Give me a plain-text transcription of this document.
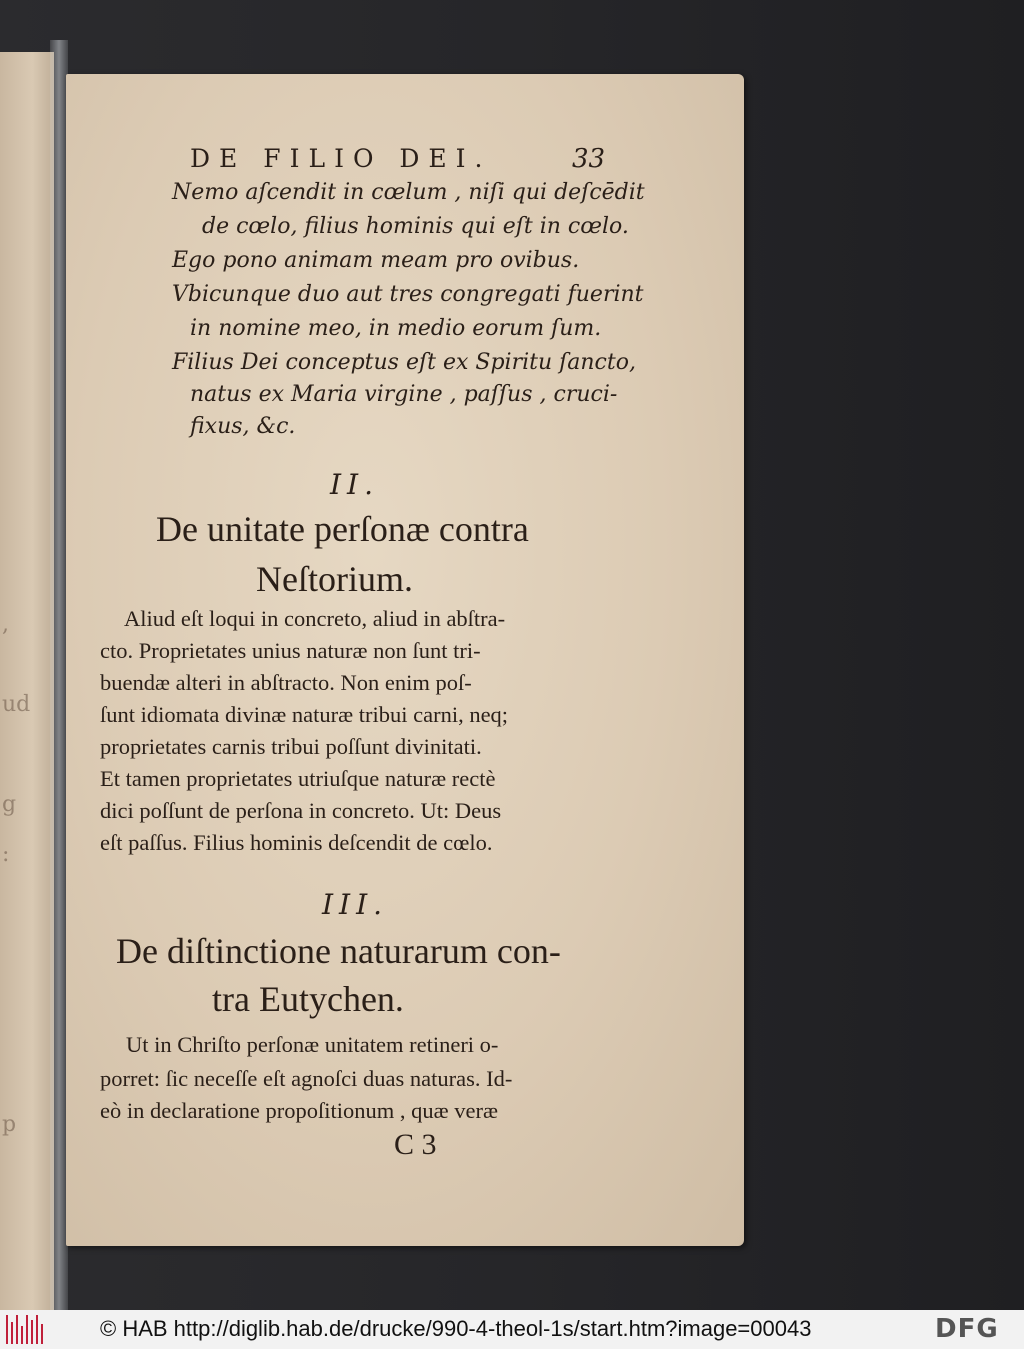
,
ud
g
:
p
DE FILIO DEI.	33
Nemo aſcendit in cœlum , niſi qui deſcēdit
de cœlo, filius hominis qui eſt in cœlo.
Ego pono animam meam pro ovibus.
Vbicunque duo aut tres congregati fuerint
in nomine meo, in medio eorum ſum.
Filius Dei conceptus eſt ex Spiritu ſancto,
natus ex Maria virgine , paſſus , cruci-
fixus, &c.
II.
De unitate perſonæ contra
Neſtorium.
Aliud eſt loqui in concreto, aliud in abſtra-
cto. Proprietates unius naturæ non ſunt tri-
buendæ alteri in abſtracto. Non enim poſ-
ſunt idiomata divinæ naturæ tribui carni, neq;
proprietates carnis tribui poſſunt divinitati.
Et tamen proprietates utriuſque naturæ rectè
dici poſſunt de perſona in concreto. Ut: Deus
eſt paſſus. Filius hominis deſcendit de cœlo.
III.
De diſtinctione naturarum con-
tra Eutychen.
Ut in Chriſto perſonæ unitatem retineri o-
porret: ſic neceſſe eſt agnoſci duas naturas. Id-
eò in declaratione propoſitionum , quæ veræ
C 3
© HAB http://diglib.hab.de/drucke/990-4-theol-1s/start.htm?image=00043	DFG
